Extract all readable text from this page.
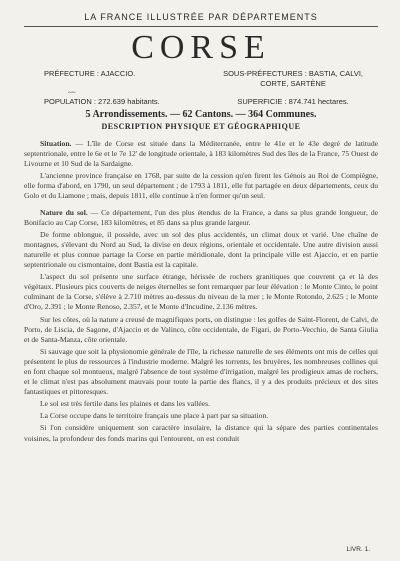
LA FRANCE ILLUSTRÉE PAR DÉPARTEMENTS
CORSE
PRÉFECTURE : AJACCIO.	SOUS-PRÉFECTURES : BASTIA, CALVI, CORTE, SARTÈNE
~~
POPULATION : 272.639 habitants.	SUPERFICIE : 874.741 hectares.
5 Arrondissements. — 62 Cantons. — 364 Communes.
DESCRIPTION PHYSIQUE ET GÉOGRAPHIQUE

Situation. — L'île de Corse est située dans la Méditerranée, entre le 41e et le 43e degré de latitude septentrionale, entre le 6e et le 7e 12' de longitude orientale, à 183 kilomètres Sud des îles de la France, 75 Ouest de Livourne et 10 Sud de la Sardaigne.

L'ancienne province française en 1768, par suite de la cession qu'en firent les Génois au Roi de Compiègne, elle forma d'abord, en 1790, un seul département ; de 1793 à 1811, elle fut partagée en deux départements, ceux du Golo et du Liamone ; mais, depuis 1811, elle continue à n'en former qu'un seul.

Nature du sol. — Ce département, l'un des plus étendus de la France, a dans sa plus grande longueur, de Bonifacio au Cap Corse, 183 kilomètres, et 85 dans sa plus grande largeur.

De forme oblongue, il possède, avec un sol des plus accidentés, un climat doux et varié. Une chaîne de montagnes, s'élevant du Nord au Sud, la divise en deux régions, orientale et occidentale. Une autre division aussi naturelle et plus connue partage la Corse en partie méridionale, dont la principale ville est Ajaccio, et en partie septentrionale ou cismontaine, dont Bastia est la capitale.

L'aspect du sol présente une surface étrange, hérissée de rochers granitiques que couvrent ça et là des végétaux. Plusieurs pics couverts de neiges éternelles se font remarquer par leur élévation : le Monte Cinto, le point culminant de la Corse, s'élève à 2.710 mètres au-dessus du niveau de la mer ; le Monte Rotondo, 2.625 ; le Monte d'Oro, 2.391 ; le Monte Renoso, 2.357, et le Monte d'Incudine, 2.136 mètres.

Sur les côtes, où la nature a creusé de magnifiques ports, on distingue : les golfes de Saint-Florent, de Calvi, de Porto, de Liscia, de Sagone, d'Ajaccio et de Valinco, côte occidentale, de Figari, de Porto-Vecchio, de Santa Giulia et de Santa-Manza, côte orientale.

Si sauvage que soit la physionomie générale de l'île, la richesse naturelle de ses éléments ont mis de celles qui présentent le plus de ressources à l'industrie moderne. Malgré les torrents, les bruyères, les nombreuses collines qui en font chaque sol montueux, malgré l'absence de tout système d'irrigation, malgré les prodigieux amas de rochers, et le climat n'est pas absolument mauvais pour toute la partie des flancs, il y a des produits précieux et des sites fantastiques et pittoresques.

Le sol est très fertile dans les plaines et dans les vallées.

La Corse occupe dans le territoire français une place à part par sa situation.

Si l'on considère uniquement son caractère insulaire, la distance qui la sépare des parties continentales voisines, la profondeur des fonds marins qui l'entourent, on est conduit

LIVR. 1.
